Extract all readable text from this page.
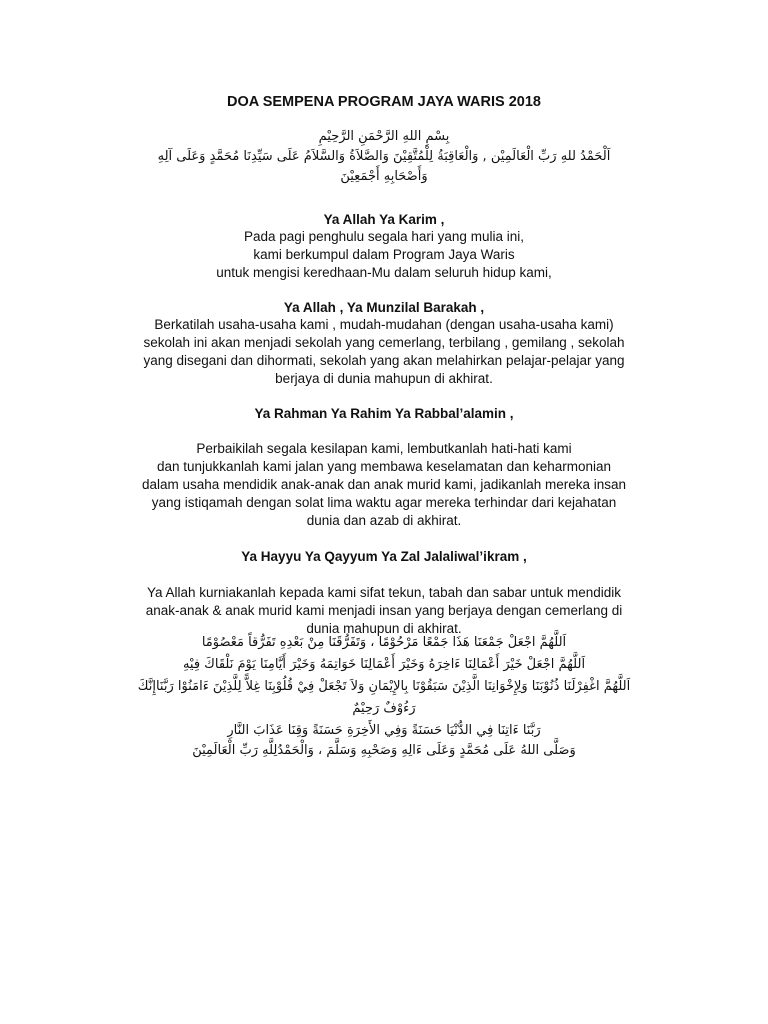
DOA SEMPENA PROGRAM JAYA WARIS 2018
بِسْمِ اللهِ الرَّحْمَنِ الرَّحِيْمِ
اَلْحَمْدُ للهِ رَبِّ الْعَالَمِيْن , وَالْعَاقِبَةُ لِلْمُتَّقِيْنَ وَالصَّلاَةُ وَالسَّلاَمُ عَلَى سَيِّدِنَا مُحَمَّدٍ وَعَلَى آلِهِ
وَأَصْحَابِهِ أَجْمَعِيْنَ
Ya Allah Ya Karim ,
Pada pagi penghulu segala hari yang mulia ini,
kami berkumpul dalam Program Jaya Waris
untuk mengisi keredhaan-Mu dalam seluruh hidup kami,
Ya Allah , Ya Munzilal Barakah ,
Berkatilah usaha-usaha kami , mudah-mudahan (dengan usaha-usaha kami)
sekolah ini akan menjadi sekolah yang cemerlang, terbilang , gemilang , sekolah
yang disegani dan dihormati, sekolah yang akan melahirkan pelajar-pelajar yang
berjaya di dunia mahupun di akhirat.
Ya Rahman Ya Rahim Ya Rabbal’alamin ,
Perbaikilah segala kesilapan kami, lembutkanlah hati-hati kami
dan tunjukkanlah kami jalan yang membawa keselamatan dan keharmonian
dalam usaha mendidik anak-anak dan anak murid kami, jadikanlah mereka insan
yang istiqamah dengan solat lima waktu agar mereka terhindar dari kejahatan
dunia dan azab di akhirat.
Ya Hayyu Ya Qayyum Ya Zal Jalaliwal’ikram ,
Ya Allah kurniakanlah kepada kami sifat tekun, tabah dan sabar untuk mendidik
anak-anak & anak murid kami menjadi insan yang berjaya dengan cemerlang di
dunia mahupun di akhirat.
اَللَّهُمَّ اجْعَلْ جَمْعَنَا هَذَا جَمْعًا مَرْحُوْمًا ، وَتَفَرُّقَنَا مِنْ بَعْدِهِ تَفَرُّقاً مَعْصُوْمًا
اَللَّهُمَّ اجْعَلْ خَيْرَ أَعْمَالِنَا ءَاخِرَهُ وَخَيْرَ أَعْمَالِنَا خَوَاتِمَهُ وَخَيْرَ أَيَّامِنَا يَوْمَ نَلْقَاكَ فِيْهِ
اَللَّهُمَّ اغْفِرْلَنَا ذُنُوْبَنَا وَلِإِخْوَانِنَا الَّذِيْنَ سَبَقُوْنَا بِالإِيْمَانِ وَلاَ تَجْعَلْ فِيْ قُلُوْبِنَا غِلاًّ لِلَّذِيْنَ ءَامَنُوْا رَبَّنَاإِنَّكَ
رَءُوْفٌ رَحِيْمٌ
رَبَّنَا ءَاتِنَا فِي الدُّنْيَا حَسَنَةً وَفِي الأَخِرَةِ حَسَنَةً وَقِنَا عَذَابَ النَّارِ
وَصَلَّى اللهُ عَلَى مُحَمَّدٍ وَعَلَى ءَالِهِ وَصَحْبِهِ وَسَلَّمَ ، وَالْحَمْدُلِلَّهِ رَبِّ الْعَالَمِيْنَ
